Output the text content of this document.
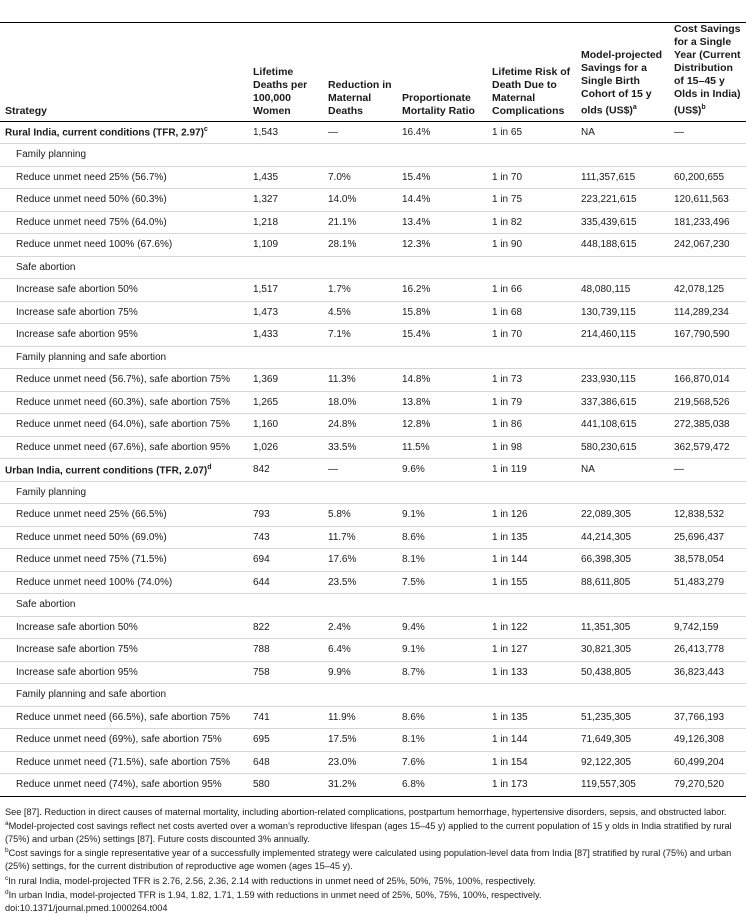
Strategy	Lifetime Deaths per 100,000 Women	Reduction in Maternal Deaths	Proportionate Mortality Ratio	Lifetime Risk of Death Due to Maternal Complications	Model-projected Savings for a Single Birth Cohort of 15 y olds (US$)$^a$	Cost Savings for a Single Year (Current Distribution of 15–45 y Olds in India) (US$)$^b$
Rural India, current conditions (TFR, 2.97)$^c$	1,543	—	16.4%	1 in 65	NA	—
Family planning						
Reduce unmet need 25% (56.7%)	1,435	7.0%	15.4%	1 in 70	111,357,615	60,200,655
Reduce unmet need 50% (60.3%)	1,327	14.0%	14.4%	1 in 75	223,221,615	120,611,563
Reduce unmet need 75% (64.0%)	1,218	21.1%	13.4%	1 in 82	335,439,615	181,233,496
Reduce unmet need 100% (67.6%)	1,109	28.1%	12.3%	1 in 90	448,188,615	242,067,230
Safe abortion						
Increase safe abortion 50%	1,517	1.7%	16.2%	1 in 66	48,080,115	42,078,125
Increase safe abortion 75%	1,473	4.5%	15.8%	1 in 68	130,739,115	114,289,234
Increase safe abortion 95%	1,433	7.1%	15.4%	1 in 70	214,460,115	167,790,590
Family planning and safe abortion						
Reduce unmet need (56.7%), safe abortion 75%	1,369	11.3%	14.8%	1 in 73	233,930,115	166,870,014
Reduce unmet need (60.3%), safe abortion 75%	1,265	18.0%	13.8%	1 in 79	337,386,615	219,568,526
Reduce unmet need (64.0%), safe abortion 75%	1,160	24.8%	12.8%	1 in 86	441,108,615	272,385,038
Reduce unmet need (67.6%), safe abortion 95%	1,026	33.5%	11.5%	1 in 98	580,230,615	362,579,472
Urban India, current conditions (TFR, 2.07)$^d$	842	—	9.6%	1 in 119	NA	—
Family planning						
Reduce unmet need 25% (66.5%)	793	5.8%	9.1%	1 in 126	22,089,305	12,838,532
Reduce unmet need 50% (69.0%)	743	11.7%	8.6%	1 in 135	44,214,305	25,696,437
Reduce unmet need 75% (71.5%)	694	17.6%	8.1%	1 in 144	66,398,305	38,578,054
Reduce unmet need 100% (74.0%)	644	23.5%	7.5%	1 in 155	88,611,805	51,483,279
Safe abortion						
Increase safe abortion 50%	822	2.4%	9.4%	1 in 122	11,351,305	9,742,159
Increase safe abortion 75%	788	6.4%	9.1%	1 in 127	30,821,305	26,413,778
Increase safe abortion 95%	758	9.9%	8.7%	1 in 133	50,438,805	36,823,443
Family planning and safe abortion						
Reduce unmet need (66.5%), safe abortion 75%	741	11.9%	8.6%	1 in 135	51,235,305	37,766,193
Reduce unmet need (69%), safe abortion 75%	695	17.5%	8.1%	1 in 144	71,649,305	49,126,308
Reduce unmet need (71.5%), safe abortion 75%	648	23.0%	7.6%	1 in 154	92,122,305	60,499,204
Reduce unmet need (74%), safe abortion 95%	580	31.2%	6.8%	1 in 173	119,557,305	79,270,520

See [87]. Reduction in direct causes of maternal mortality, including abortion-related complications, postpartum hemorrhage, hypertensive disorders, sepsis, and obstructed labor.

$^a$Model-projected cost savings reflect net costs averted over a woman’s reproductive lifespan (ages 15–45 y) applied to the current population of 15 y olds in India stratified by rural (75%) and urban (25%) settings [87]. Future costs discounted 3% annually.

$^b$Cost savings for a single representative year of a successfully implemented strategy were calculated using population-level data from India [87] stratified by rural (75%) and urban (25%) settings, for the current distribution of reproductive age women (ages 15–45 y).

$^c$In rural India, model-projected TFR is 2.76, 2.56, 2.36, 2.14 with reductions in unmet need of 25%, 50%, 75%, 100%, respectively.

$^d$In urban India, model-projected TFR is 1.94, 1.82, 1.71, 1.59 with reductions in unmet need of 25%, 50%, 75%, 100%, respectively.

doi:10.1371/journal.pmed.1000264.t004
